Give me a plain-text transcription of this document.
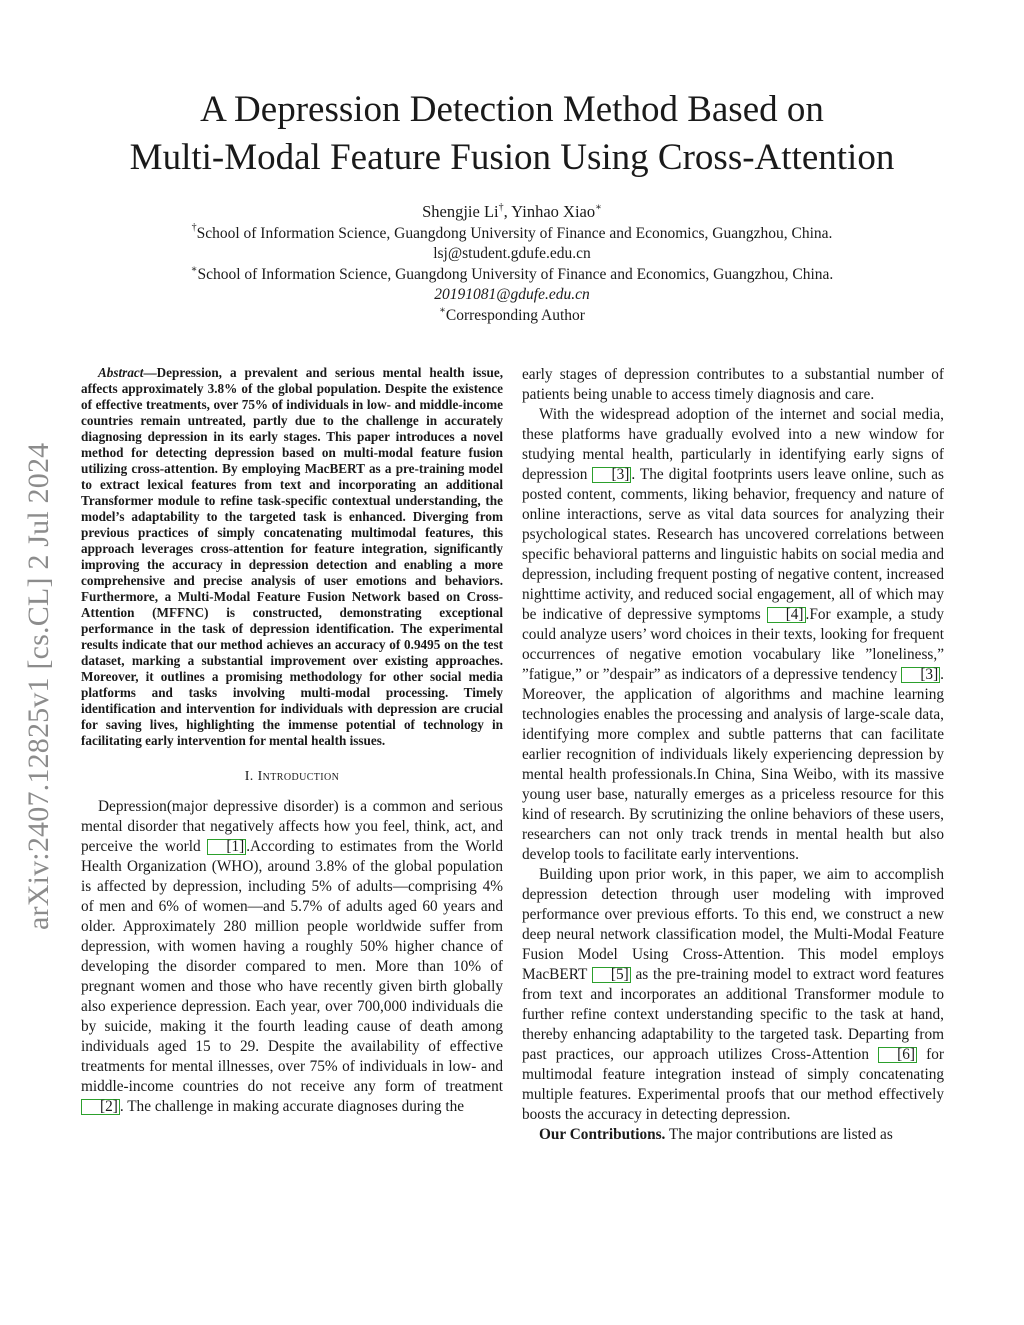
arXiv:2407.12825v1 [cs.CL] 2 Jul 2024
A Depression Detection Method Based on
Multi-Modal Feature Fusion Using Cross-Attention
Shengjie Li†, Yinhao Xiao∗
†School of Information Science, Guangdong University of Finance and Economics, Guangzhou, China.
lsj@student.gdufe.edu.cn
∗School of Information Science, Guangdong University of Finance and Economics, Guangzhou, China.
20191081@gdufe.edu.cn
∗Corresponding Author

Abstract—Depression, a prevalent and serious mental health issue, affects approximately 3.8% of the global population. Despite the existence of effective treatments, over 75% of individuals in low- and middle-income countries remain untreated, partly due to the challenge in accurately diagnosing depression in its early stages. This paper introduces a novel method for detecting depression based on multi-modal feature fusion utilizing cross-attention. By employing MacBERT as a pre-training model to extract lexical features from text and incorporating an additional Transformer module to refine task-specific contextual understanding, the model’s adaptability to the targeted task is enhanced. Diverging from previous practices of simply concatenating multimodal features, this approach leverages cross-attention for feature integration, significantly improving the accuracy in depression detection and enabling a more comprehensive and precise analysis of user emotions and behaviors. Furthermore, a Multi-Modal Feature Fusion Network based on Cross-Attention (MFFNC) is constructed, demonstrating exceptional performance in the task of depression identification. The experimental results indicate that our method achieves an accuracy of 0.9495 on the test dataset, marking a substantial improvement over existing approaches. Moreover, it outlines a promising methodology for other social media platforms and tasks involving multi-modal processing. Timely identification and intervention for individuals with depression are crucial for saving lives, highlighting the immense potential of technology in facilitating early intervention for mental health issues.

I. Introduction

Depression(major depressive disorder) is a common and serious mental disorder that negatively affects how you feel, think, act, and perceive the world [1] .According to estimates from the World Health Organization (WHO), around 3.8% of the global population is affected by depression, including 5% of adults—comprising 4% of men and 6% of women—and 5.7% of adults aged 60 years and older. Approximately 280 million people worldwide suffer from depression, with women having a roughly 50% higher chance of developing the disorder compared to men. More than 10% of pregnant women and those who have recently given birth globally also experience depression. Each year, over 700,000 individuals die by suicide, making it the fourth leading cause of death among individuals aged 15 to 29. Despite the availability of effective treatments for mental illnesses, over 75% of individuals in low- and middle-income countries do not receive any form of treatment [2] . The challenge in making accurate diagnoses during the

early stages of depression contributes to a substantial number of patients being unable to access timely diagnosis and care.

With the widespread adoption of the internet and social media, these platforms have gradually evolved into a new window for studying mental health, particularly in identifying early signs of depression [3] . The digital footprints users leave online, such as posted content, comments, liking behavior, frequency and nature of online interactions, serve as vital data sources for analyzing their psychological states. Research has uncovered correlations between specific behavioral patterns and linguistic habits on social media and depression, including frequent posting of negative content, increased nighttime activity, and reduced social engagement, all of which may be indicative of depressive symptoms [4] .For example, a study could analyze users’ word choices in their texts, looking for frequent occurrences of negative emotion vocabulary like ”loneliness,” ”fatigue,” or ”despair” as indicators of a depressive tendency [3] . Moreover, the application of algorithms and machine learning technologies enables the processing and analysis of large-scale data, identifying more complex and subtle patterns that can facilitate earlier recognition of individuals likely experiencing depression by mental health professionals.In China, Sina Weibo, with its massive young user base, naturally emerges as a priceless resource for this kind of research. By scrutinizing the online behaviors of these users, researchers can not only track trends in mental health but also develop tools to facilitate early interventions.

Building upon prior work, in this paper, we aim to accomplish depression detection through user modeling with improved performance over previous efforts. To this end, we construct a new deep neural network classification model, the Multi-Modal Feature Fusion Model Using Cross-Attention. This model employs MacBERT [5] as the pre-training model to extract word features from text and incorporates an additional Transformer module to further refine context understanding specific to the task at hand, thereby enhancing adaptability to the targeted task. Departing from past practices, our approach utilizes Cross-Attention [6] for multimodal feature integration instead of simply concatenating multiple features. Experimental proofs that our method effectively boosts the accuracy in detecting depression.

Our Contributions. The major contributions are listed as
